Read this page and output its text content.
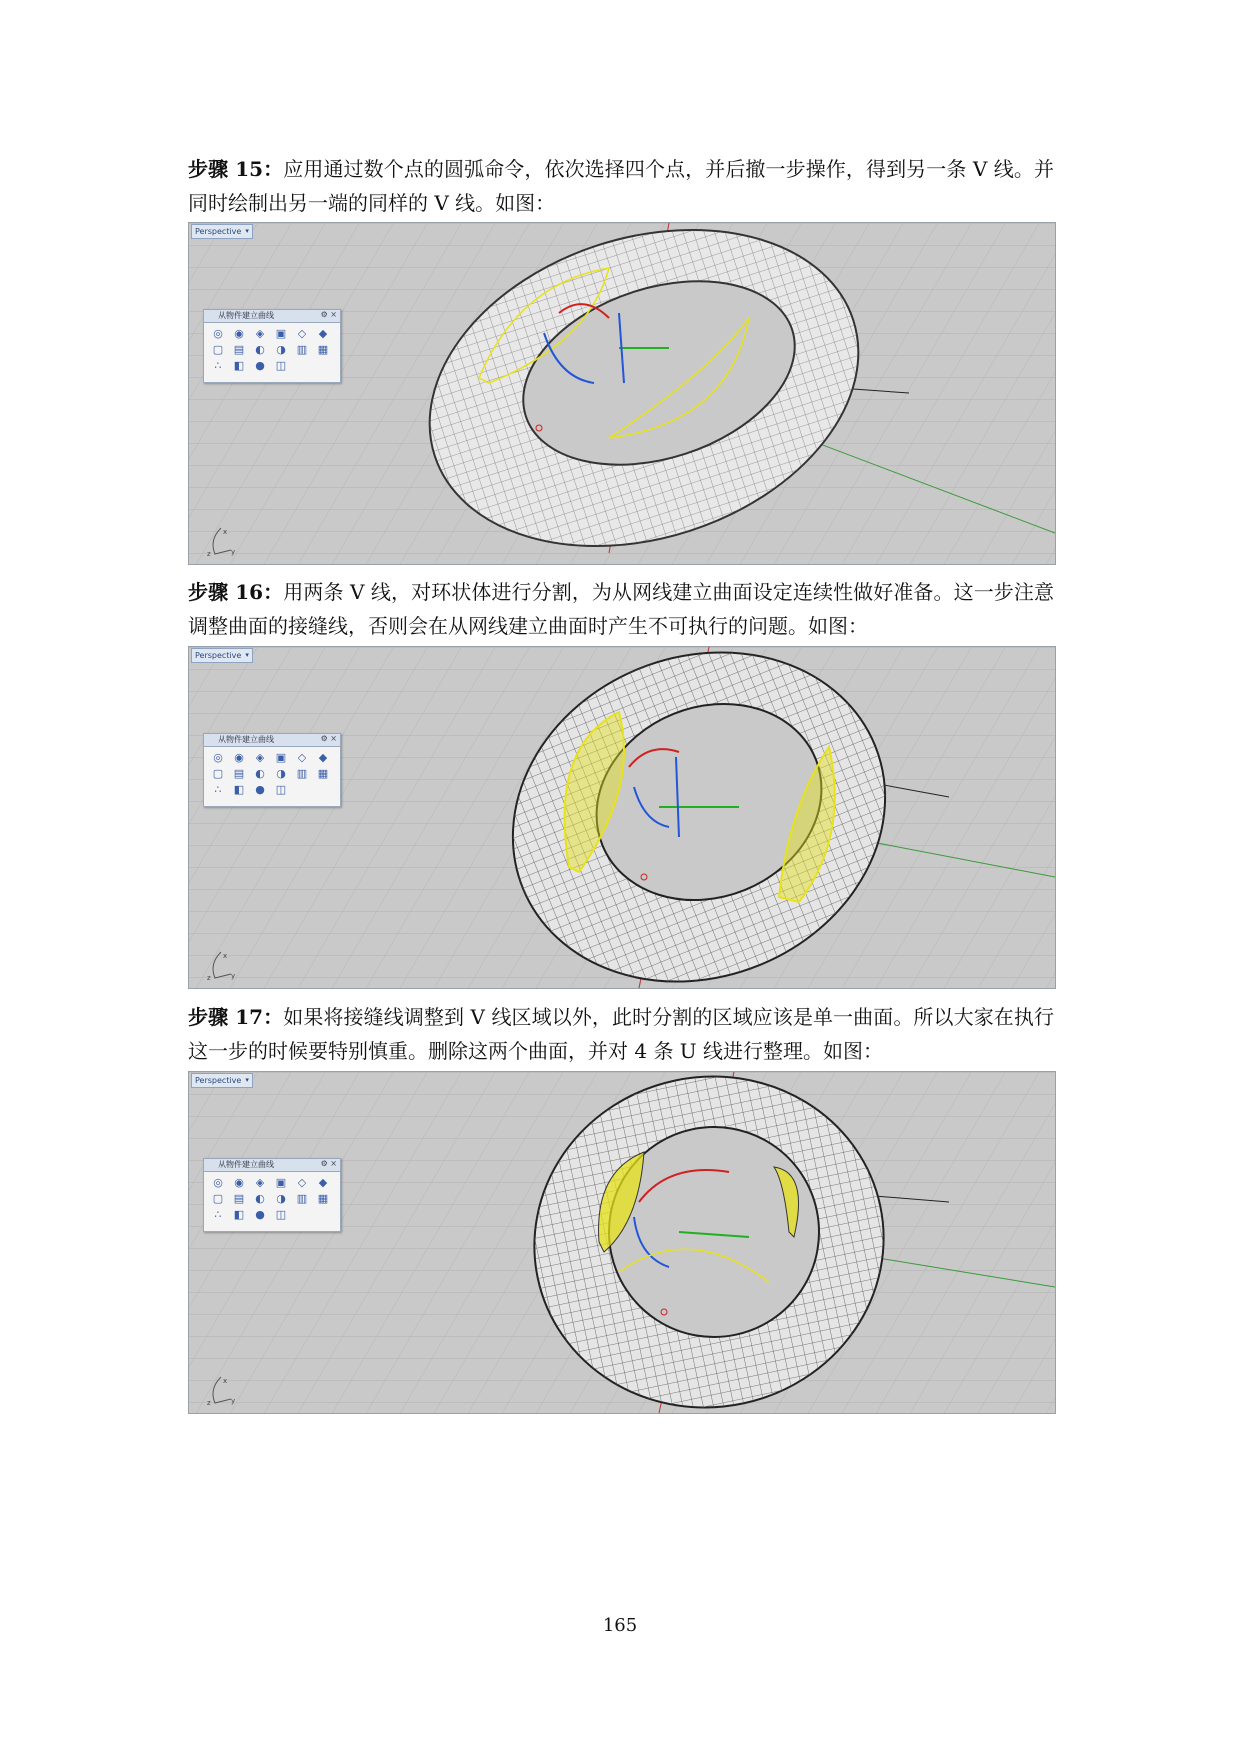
步骤 15：应用通过数个点的圆弧命令，依次选择四个点，并后撤一步操作，得到另一条 V 线。并同时绘制出另一端的同样的 V 线。如图：
Perspective ▾
从物件建立曲线	⚙ ×
◎ ◉	◈	▣	◇	◆
▢ ▤ ◐ ◑ ▥ ▦
∴	◧ ● ◫
x
y
z
步骤 16：用两条 V 线，对环状体进行分割，为从网线建立曲面设定连续性做好准备。这一步注意调整曲面的接缝线，否则会在从网线建立曲面时产生不可执行的问题。如图：
Perspective ▾
从物件建立曲线	⚙ ×
◎ ◉	◈	▣	◇	◆
▢ ▤ ◐ ◑ ▥ ▦
∴	◧ ● ◫
x
y
z
步骤 17：如果将接缝线调整到 V 线区域以外，此时分割的区域应该是单一曲面。所以大家在执行这一步的时候要特别慎重。删除这两个曲面，并对 4 条 U 线进行整理。如图：
Perspective ▾
从物件建立曲线	⚙ ×
◎ ◉	◈	▣	◇	◆
▢ ▤ ◐ ◑ ▥ ▦
∴	◧ ● ◫
x
y
z
165
